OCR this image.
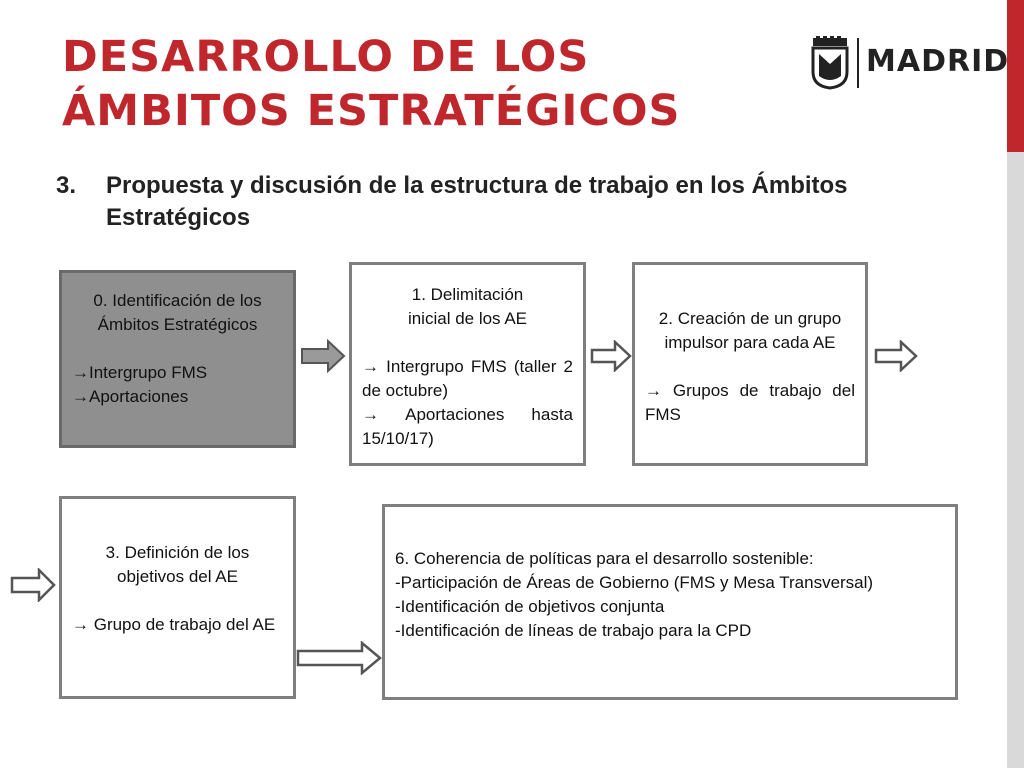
DESARROLLO DE LOS
ÁMBITOS ESTRATÉGICOS
MADRID
3. Propuesta y discusión de la estructura de trabajo en los Ámbitos Estratégicos
0. Identificación de los Ámbitos Estratégicos
→Intergrupo FMS
→Aportaciones
1. Delimitación inicial de los AE
→ Intergrupo FMS (taller 2 de octubre)
→ Aportaciones hasta 15/10/17)
2. Creación de un grupo impulsor para cada AE
→ Grupos de trabajo del FMS
3. Definición de los objetivos del AE
→ Grupo de trabajo del AE
6. Coherencia de políticas para el desarrollo sostenible:
-Participación de Áreas de Gobierno (FMS y Mesa Transversal)
-Identificación de objetivos conjunta
-Identificación de líneas de trabajo para la CPD
